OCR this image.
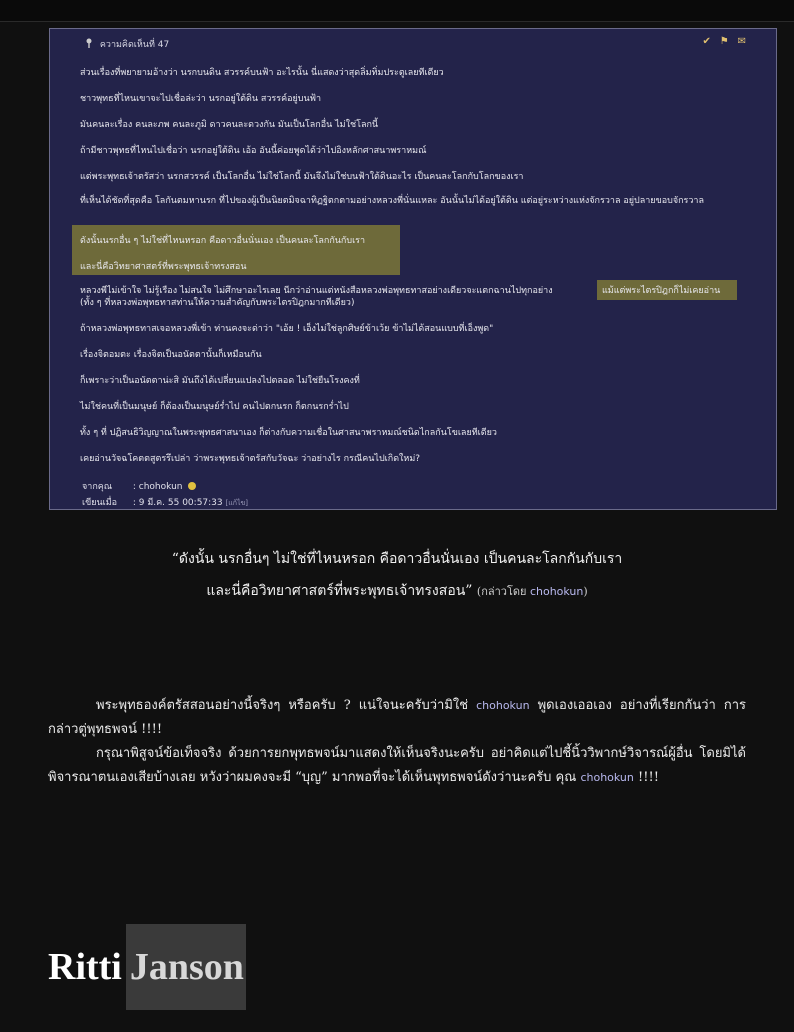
ความคิดเห็นที่ 47	✔ ⚑ ✉
ส่วนเรื่องที่พยายามอ้างว่า นรกบนดิน สวรรค์บนฟ้า อะไรนั้น นี่แสดงว่าสุดลิ่มทิ่มประตูเลยทีเดียว
ชาวพุทธที่ไหนเขาจะไปเชื่อล่ะว่า นรกอยู่ใต้ดิน สวรรค์อยู่บนฟ้า
มันคนละเรื่อง คนละภพ คนละภูมิ ดาวคนละดวงกัน มันเป็นโลกอื่น ไม่ใช่โลกนี้
ถ้ามีชาวพุทธที่ไหนไปเชื่อว่า นรกอยู่ใต้ดิน เอ้อ อันนี้ค่อยพูดได้ว่าไปอิงหลักศาสนาพราหมณ์
แต่พระพุทธเจ้าตรัสว่า นรกสวรรค์ เป็นโลกอื่น ไม่ใช่โลกนี้ มันจึงไม่ใช่บนฟ้าใต้ดินอะไร เป็นคนละโลกกับโลกของเรา
ที่เห็นได้ชัดที่สุดคือ โลกันตมหานรก ที่ไปของผู้เป็นนิยตมิจฉาทิฏฐิตกตามอย่างหลวงพี่นั่นแหละ อันนั้นไม่ได้อยู่ใต้ดิน แต่อยู่ระหว่างแห่งจักรวาล อยู่ปลายขอบจักรวาล
ดังนั้นนรกอื่น ๆ ไม่ใช่ที่ไหนหรอก คือดาวอื่นนั่นเอง เป็นคนละโลกกันกับเรา
และนี่คือวิทยาศาสตร์ที่พระพุทธเจ้าทรงสอน
หลวงพี่ไม่เข้าใจ ไม่รู้เรื่อง ไม่สนใจ ไม่ศึกษาอะไรเลย นี่กว่าอ่านแต่หนังสือหลวงพ่อพุทธทาสอย่างเดียวจะแตกฉานไปทุกอย่าง	แม้แต่พระไตรปิฎกก็ไม่เคยอ่าน
(ทั้ง ๆ ที่หลวงพ่อพุทธทาสท่านให้ความสำคัญกับพระไตรปิฎกมากทีเดียว)
ถ้าหลวงพ่อพุทธทาสเจอหลวงพี่เข้า ท่านคงจะด่าว่า "เอ้ย ! เอ็งไม่ใช่ลูกศิษย์ข้าเว้ย ข้าไม่ได้สอนแบบที่เอ็งพูด"
เรื่องจิตอมตะ เรื่องจิตเป็นอนัตตานั้นก็เหมือนกัน
ก็เพราะว่าเป็นอนัตตาน่ะสิ มันถึงได้เปลี่ยนแปลงไปตลอด ไม่ใช่ยืนโรงคงที่
ไม่ใช่คนที่เป็นมนุษย์ ก็ต้องเป็นมนุษย์ร่ำไป คนไปตกนรก ก็ตกนรกร่ำไป
ทั้ง ๆ ที่ ปฏิสนธิวิญญาณในพระพุทธศาสนาเอง ก็ต่างกับความเชื่อในศาสนาพราหมณ์ชนิดไกลกันโขเลยทีเดียว
เคยอ่านวัจฉโคตตสูตรรึเปล่า ว่าพระพุทธเจ้าตรัสกับวัจฉะ ว่าอย่างไร กรณีคนไปเกิดใหม่?
จากคุณ : chohokun
เขียนเมื่อ : 9 มี.ค. 55 00:57:33 [แก้ไข]
“ดังนั้น นรกอื่นๆ ไม่ใช่ที่ไหนหรอก คือดาวอื่นนั่นเอง เป็นคนละโลกกันกับเรา
และนี่คือวิทยาศาสตร์ที่พระพุทธเจ้าทรงสอน” (กล่าวโดย chohokun)
พระพุทธองค์ตรัสสอนอย่างนี้จริงๆ หรือครับ ? แน่ใจนะครับว่ามิใช่ chohokun พูดเองเออเอง อย่างที่เรียกกันว่า การกล่าวตู่พุทธพจน์ !!!!
กรุณาพิสูจน์ข้อเท็จจริง ด้วยการยกพุทธพจน์มาแสดงให้เห็นจริงนะครับ อย่าคิดแต่ไปชี้นิ้ววิพากษ์วิจารณ์ผู้อื่น โดยมิได้พิจารณาตนเองเสียบ้างเลย หวังว่าผมคงจะมี “บุญ” มากพอที่จะได้เห็นพุทธพจน์ดังว่านะครับ คุณ chohokun !!!!
Ritti Janson
